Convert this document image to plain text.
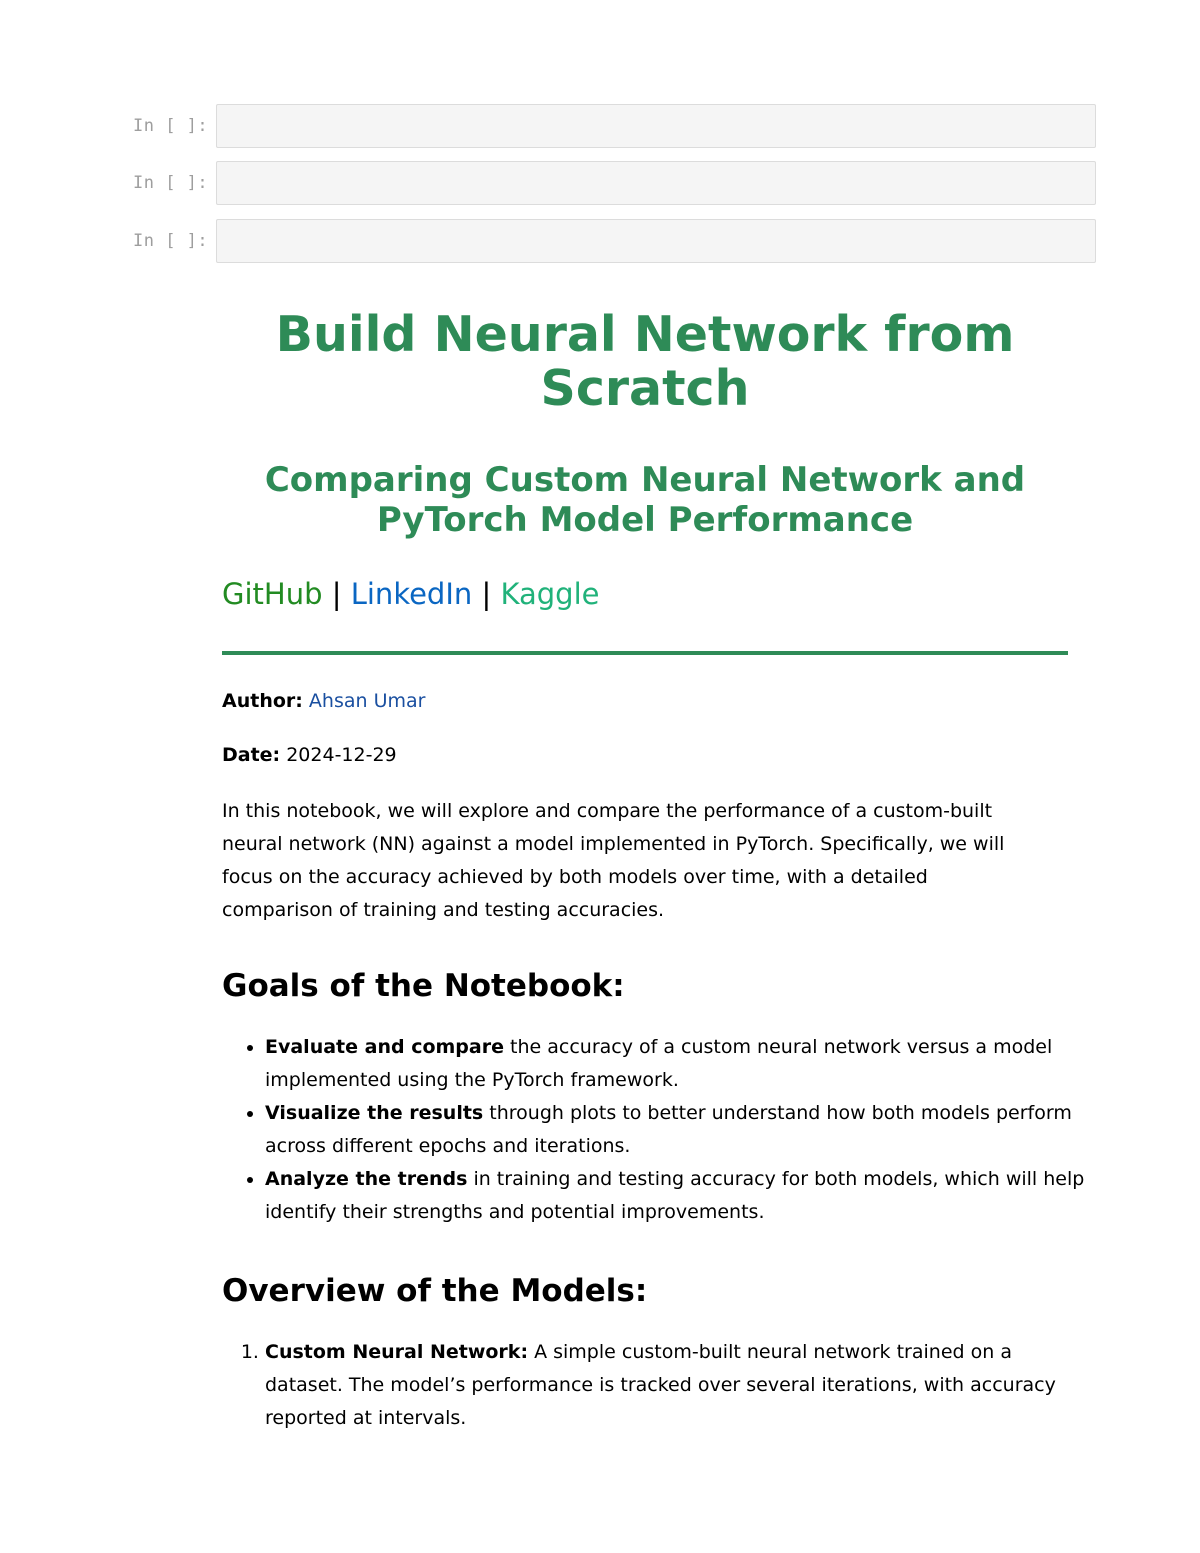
In [ ]:
In [ ]:
In [ ]:
Build Neural Network from Scratch
Comparing Custom Neural Network and PyTorch Model Performance
GitHub | LinkedIn | Kaggle
Author: Ahsan Umar
Date: 2024-12-29

In this notebook, we will explore and compare the performance of a custom-built neural network (NN) against a model implemented in PyTorch. Specifically, we will focus on the accuracy achieved by both models over time, with a detailed comparison of training and testing accuracies.

Goals of the Notebook:
• Evaluate and compare the accuracy of a custom neural network versus a model implemented using the PyTorch framework.
• Visualize the results through plots to better understand how both models perform across different epochs and iterations.
• Analyze the trends in training and testing accuracy for both models, which will help identify their strengths and potential improvements.
Overview of the Models:
1. Custom Neural Network: A simple custom-built neural network trained on a dataset. The model’s performance is tracked over several iterations, with accuracy reported at intervals.
